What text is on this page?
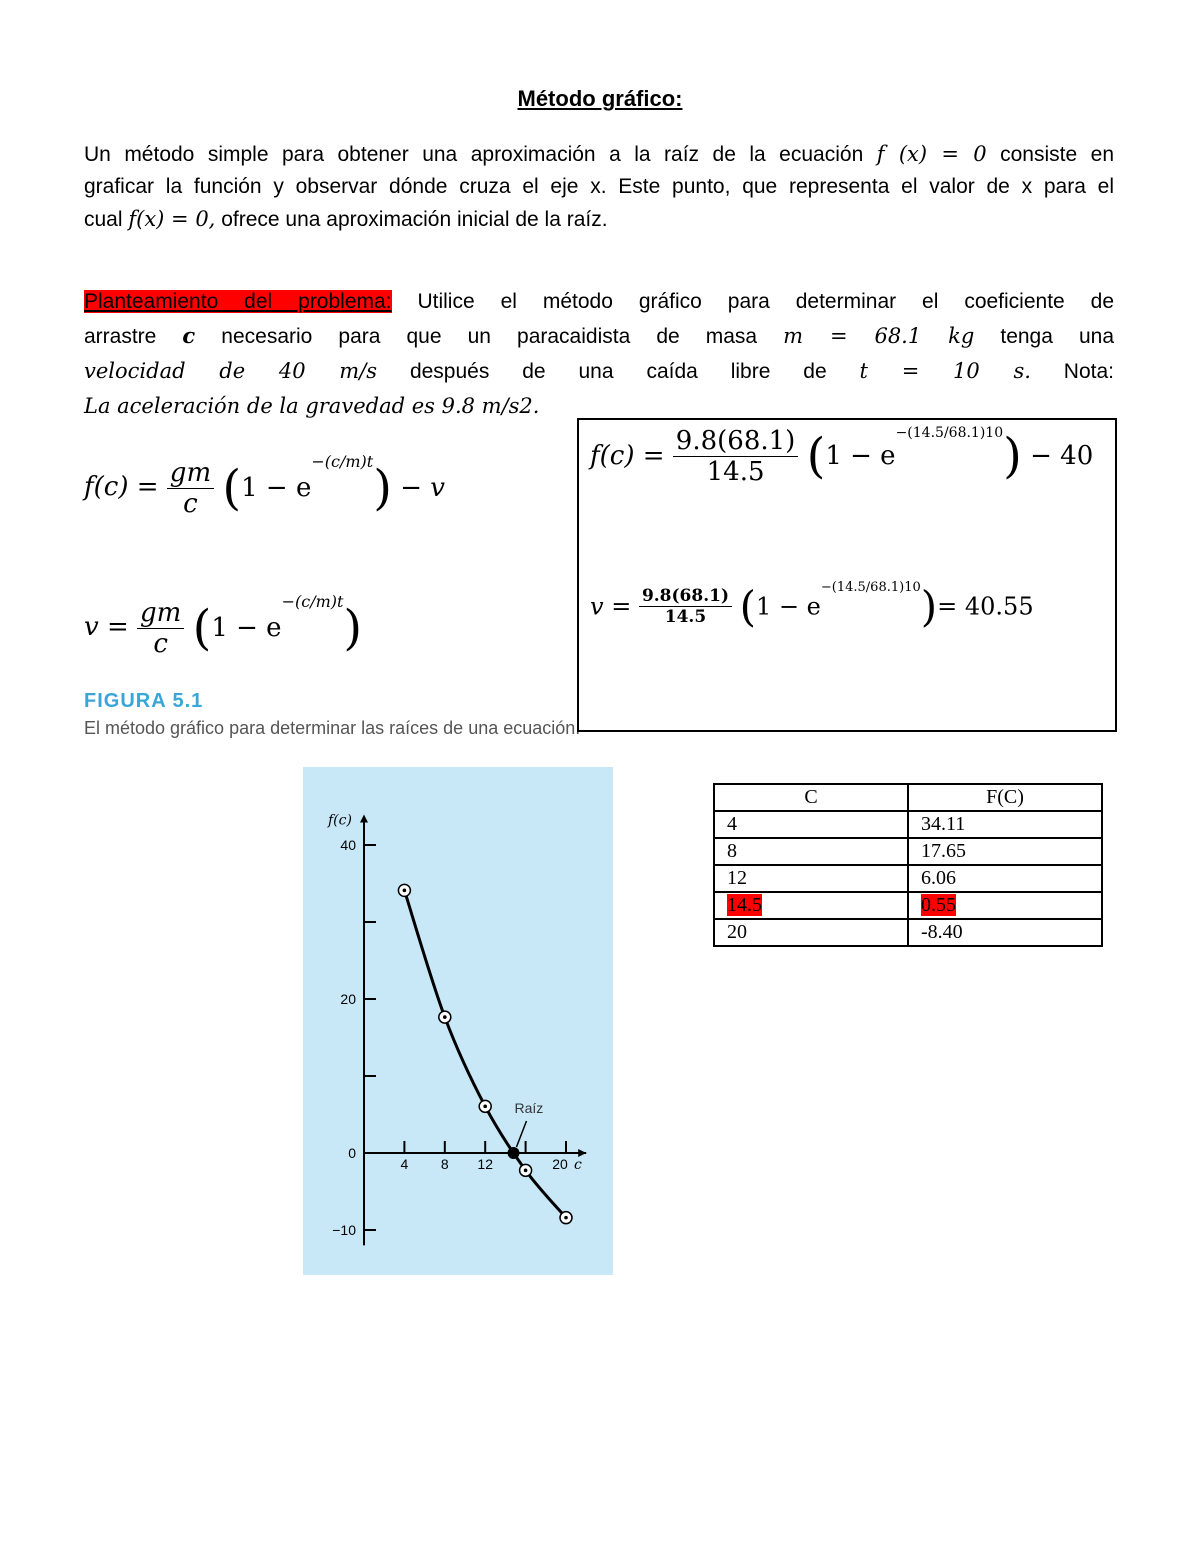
Método gráfico:
Un método simple para obtener una aproximación a la raíz de la ecuación f (x) = 0 consiste en
graficar la función y observar dónde cruza el eje x. Este punto, que representa el valor de x para el
cual f(x) = 0, ofrece una aproximación inicial de la raíz.
Planteamiento del problema: Utilice el método gráfico para determinar el coeficiente de
arrastre c necesario para que un paracaidista de masa m = 68.1 kg tenga una
velocidad de 40 m/s después de una caída libre de t = 10 s. Nota:
La aceleración de la gravedad es 9.8 m/s2.
$f(c) = \frac{gm}{c} (1 - e^{-(c/m)t}) - v$
$v = \frac{gm}{c} (1 - e^{-(c/m)t})$
$f(c) = \frac{9.8(68.1)}{14.5} (1 - e^{-(14.5/68.1)10}) - 40$
$v = \frac{9.8(68.1)}{14.5} (1 - e^{-(14.5/68.1)10})= 40.55$
FIGURA 5.1
El método gráfico para determinar las raíces de una ecuación.
f(c)
c
40
20
0
−10
4 8 12	20
Raíz
C	F(C)
4	34.11
8	17.65
12	6.06
14.5	0.55
20	-8.40
